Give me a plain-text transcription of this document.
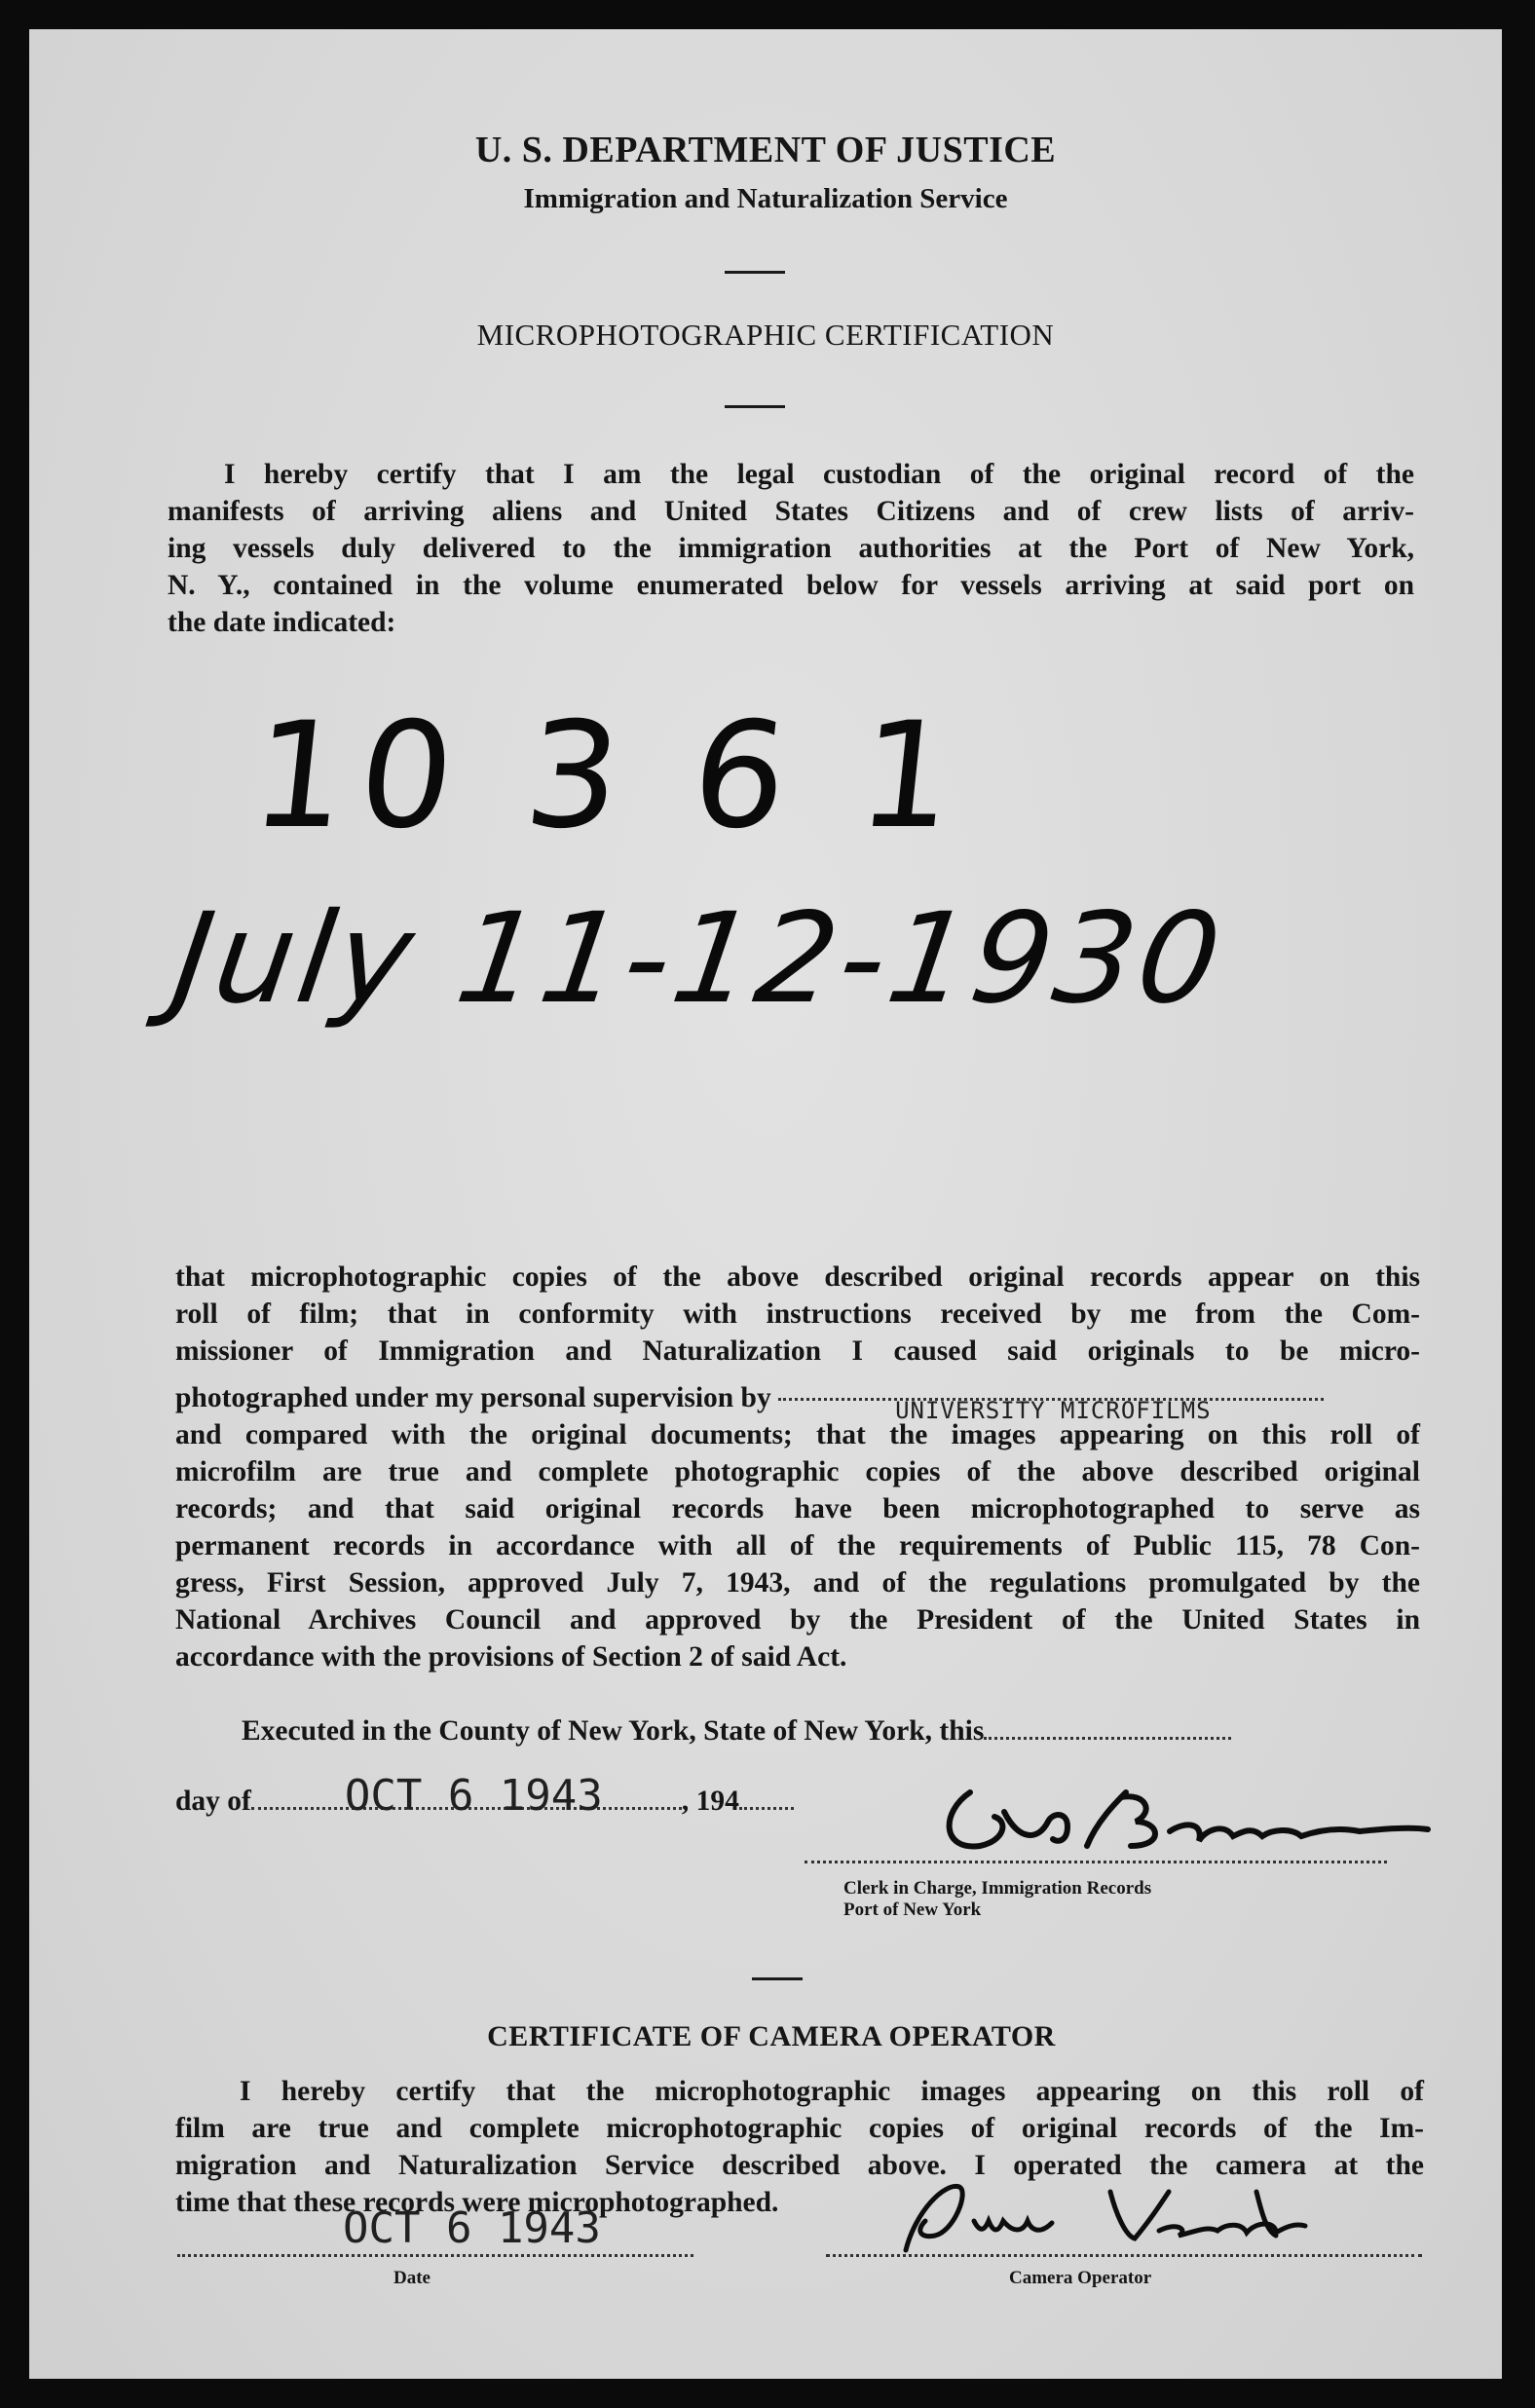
U. S. DEPARTMENT OF JUSTICE
Immigration and Naturalization Service
MICROPHOTOGRAPHIC CERTIFICATION
I hereby certify that I am the legal custodian of the original record of the
manifests of arriving aliens and United States Citizens and of crew lists of arriv-
ing vessels duly delivered to the immigration authorities at the Port of New York,
N. Y., contained in the volume enumerated below for vessels arriving at said port on
the date indicated:
10 3 6 1
July 11-12-1930
that microphotographic copies of the above described original records appear on this
roll of film; that in conformity with instructions received by me from the Com-
missioner of Immigration and Naturalization I caused said originals to be micro-
photographed under my personal supervision by	UNIVERSITY MICROFILMS
and compared with the original documents; that the images appearing on this roll of
microfilm are true and complete photographic copies of the above described original
records; and that said original records have been microphotographed to serve as
permanent records in accordance with all of the requirements of Public 115, 78 Con-
gress, First Session, approved July 7, 1943, and of the regulations promulgated by the
National Archives Council and approved by the President of the United States in
accordance with the provisions of Section 2 of said Act.
Executed in the County of New York, State of New York, this
day of OCT 6 1943	, 194
Clerk in Charge, Immigration Records
Port of New York
CERTIFICATE OF CAMERA OPERATOR
I hereby certify that the microphotographic images appearing on this roll of
film are true and complete microphotographic copies of original records of the Im-
migration and Naturalization Service described above. I operated the camera at the
time that these records were microphotographed.
OCT 6 1943
Date	Camera Operator
